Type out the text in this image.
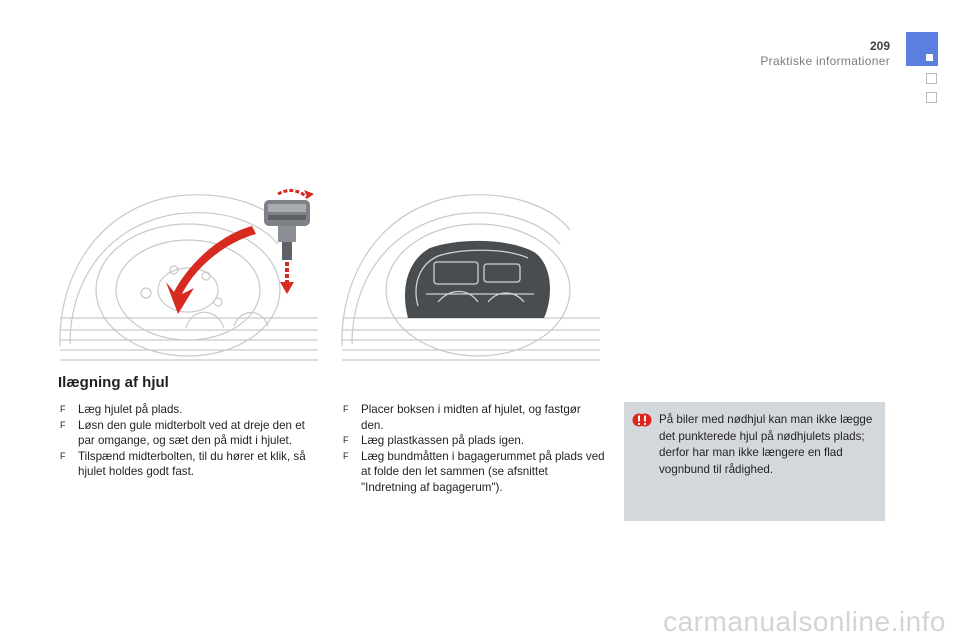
209
Praktiske informationer
Ilægning af hjul
F	Læg hjulet på plads.
F	Løsn den gule midterbolt ved at dreje den et par omgange, og sæt den på midt i hjulet.
F	Tilspænd midterbolten, til du hører et klik, så hjulet holdes godt fast.
F	Placer boksen i midten af hjulet, og fastgør den.
F	Læg plastkassen på plads igen.
F	Læg bundmåtten i bagagerummet på plads ved at folde den let sammen (se afsnittet "Indretning af bagagerum").
På biler med nødhjul kan man ikke lægge det punkterede hjul på nødhjulets plads; derfor har man ikke længere en flad vognbund til rådighed.
carmanualsonline.info
